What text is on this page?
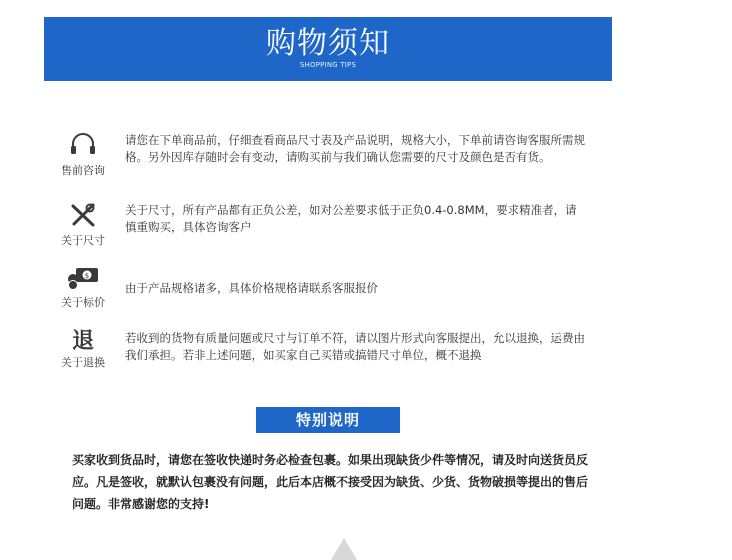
购物须知
SHOPPING TIPS
售前咨询
请您在下单商品前，仔细查看商品尺寸表及产品说明，规格大小，下单前请咨询客服所需规格。另外因库存随时会有变动，请购买前与我们确认您需要的尺寸及颜色是否有货。
关于尺寸
关于尺寸，所有产品都有正负公差，如对公差要求低于正负0.4-0.8MM，要求精准者，请慎重购买，具体咨询客户
$
关于标价
由于产品规格诸多，具体价格规格请联系客服报价
退
关于退换
若收到的货物有质量问题或尺寸与订单不符，请以图片形式向客服提出，允以退换，运费由我们承担。若非上述问题，如买家自己买错或搞错尺寸单位，概不退换
特别说明
买家收到货品时，请您在签收快递时务必检查包裹。如果出现缺货少件等情况，请及时向送货员反应。凡是签收，就默认包裹没有问题，此后本店概不接受因为缺货、少货、货物破损等提出的售后问题。非常感谢您的支持!
